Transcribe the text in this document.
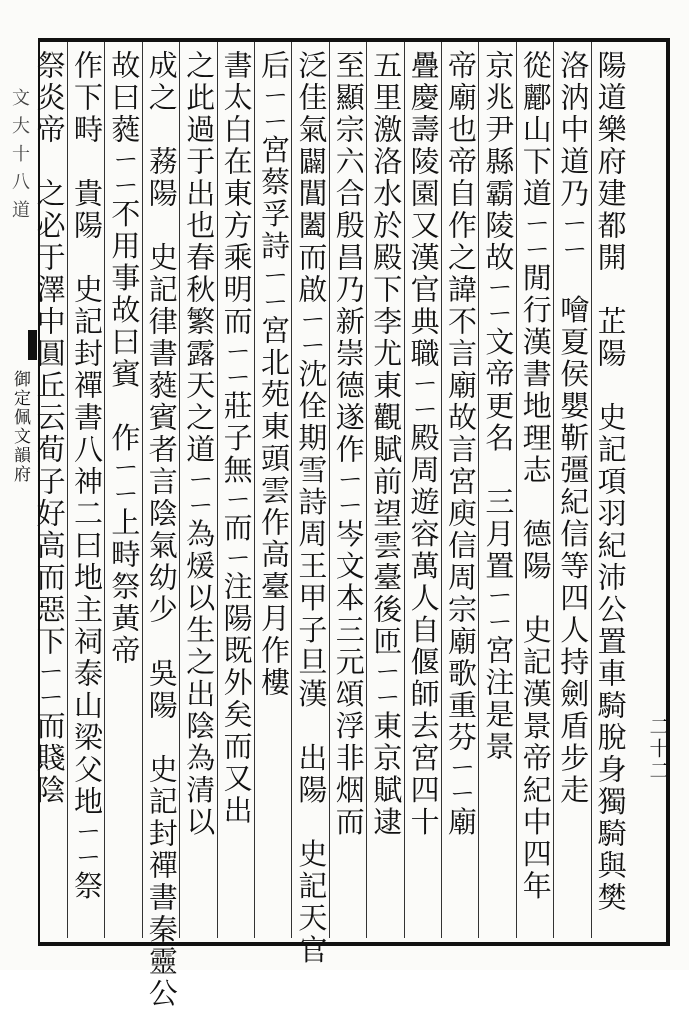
文大十八道
御定佩文韻府	陽道樂府建都開　芷陽　史記項羽紀沛公置車騎脫身獨騎與樊
洛汭中道乃ㄧㄧ　噲夏侯嬰靳彊紀信等四人持劍盾步走
從酈山下道ㄧㄧ閒行漢書地理志　德陽　史記漢景帝紀中四年
京兆尹縣霸陵故ㄧㄧ文帝更名　三月置ㄧㄧ宮注是景
帝廟也帝自作之諱不言廟故言宮庾信周宗廟歌重芬ㄧㄧ廟
疊慶壽陵園又漢官典職ㄧㄧ殿周遊容萬人自偃師去宮四十
五里激洛水於殿下李尤東觀賦前望雲臺後匝ㄧㄧ東京賦逮
至顯宗六合殷昌乃新崇德遂作ㄧㄧ岑文本三元頌浮非烟而
泛佳氣闢閶闔而啟ㄧㄧ沈佺期雪詩周王甲子旦漢　出陽　史記天官
后ㄧㄧ宮蔡孚詩ㄧㄧ宮北苑東頭雲作高臺月作樓
書太白在東方乘明而ㄧㄧ莊子無ㄧ而ㄧ注陽既外矣而又出
之此過于出也春秋繁露天之道ㄧㄧ為煖以生之出陰為清以
成之　蓩陽　史記律書蕤賓者言陰氣幼少　吳陽　史記封禪書秦靈公
故曰蕤ㄧㄧ不用事故曰賓　作ㄧㄧ上畤祭黃帝
作下畤　貴陽　史記封禪書八神二曰地主祠泰山梁父地ㄧㄧ祭
祭炎帝　之必于澤中圓丘云荀子好高而惡下ㄧㄧ而賤陰	二十二
